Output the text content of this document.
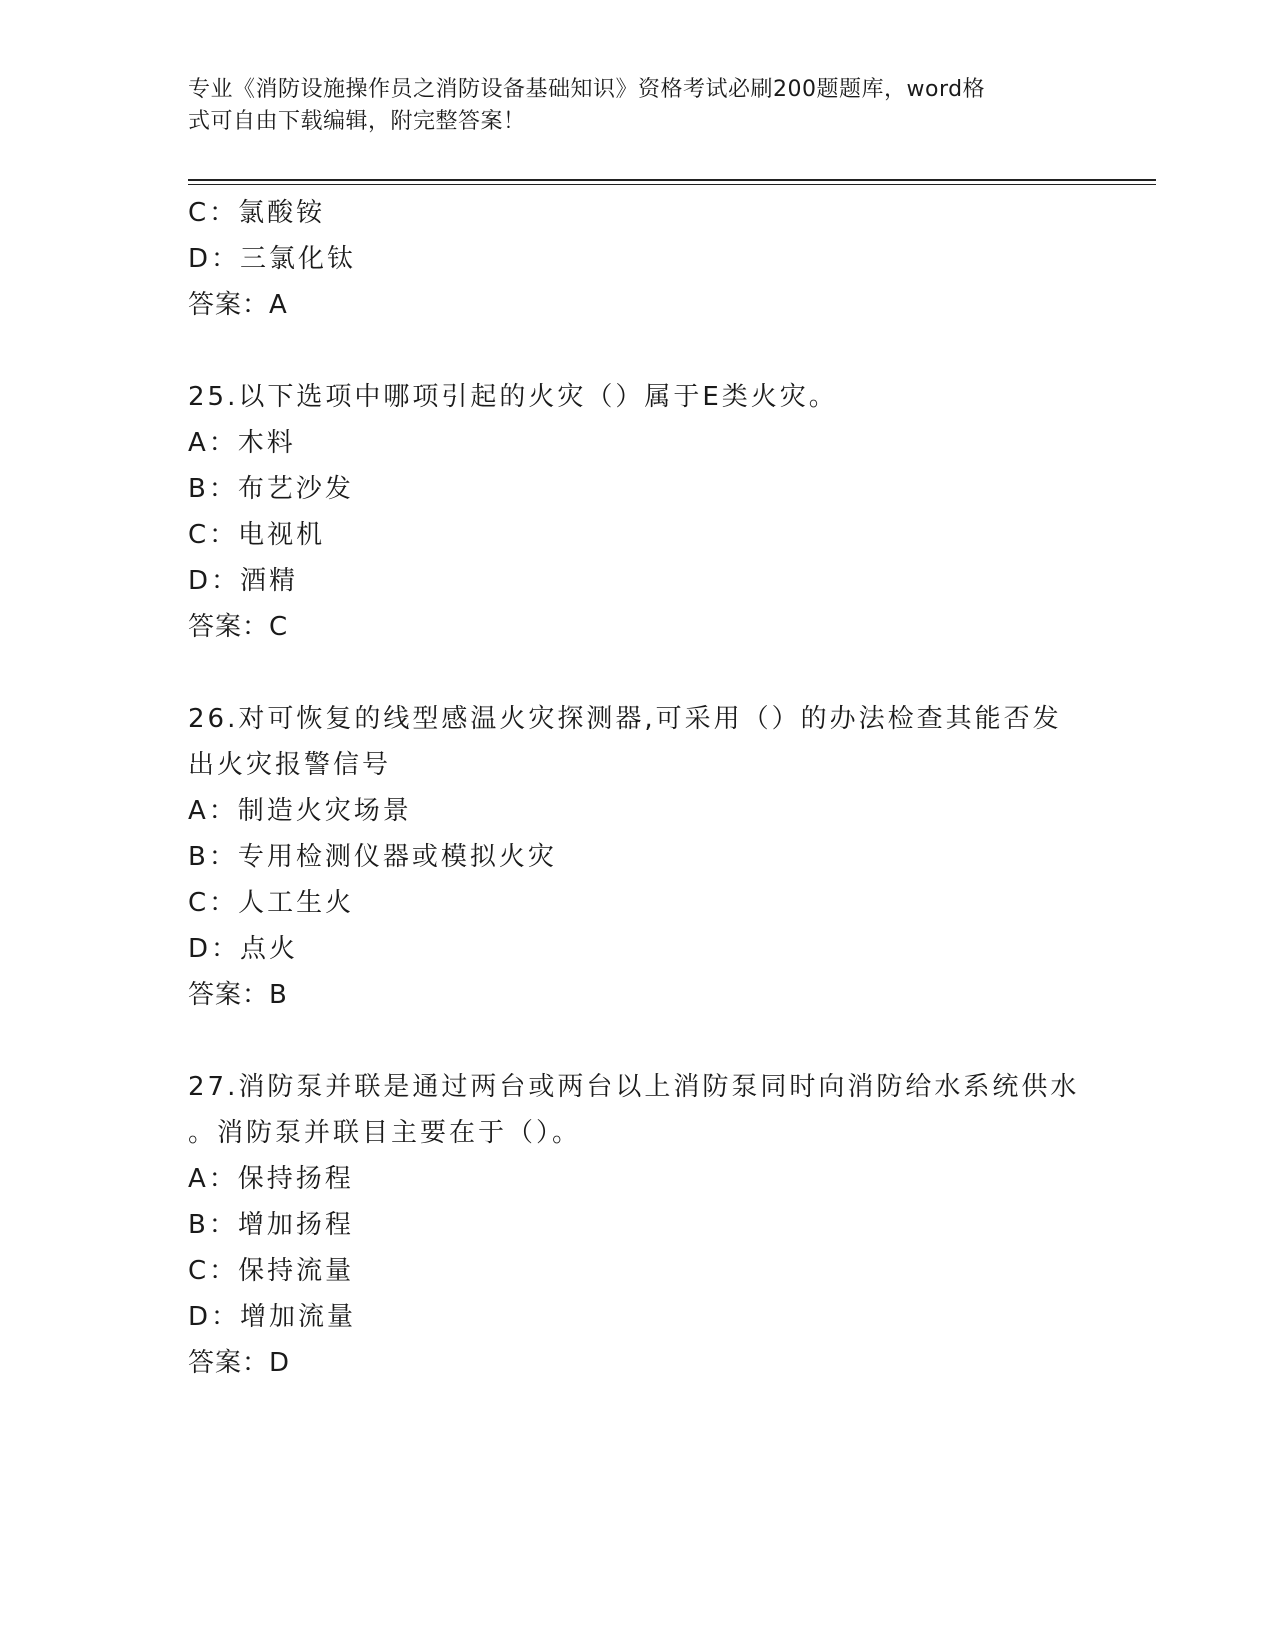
专业《消防设施操作员之消防设备基础知识》资格考试必刷200题题库，word格
式可自由下载编辑，附完整答案！
C：氯酸铵
D：三氯化钛
答案：A
25.以下选项中哪项引起的火灾（）属于E类火灾。
A：木料
B：布艺沙发
C：电视机
D：酒精
答案：C
26.对可恢复的线型感温火灾探测器,可采用（）的办法检查其能否发
出火灾报警信号
A：制造火灾场景
B：专用检测仪器或模拟火灾
C：人工生火
D：点火
答案：B
27.消防泵并联是通过两台或两台以上消防泵同时向消防给水系统供水
。消防泵并联目主要在于（）。
A：保持扬程
B：增加扬程
C：保持流量
D：增加流量
答案：D
